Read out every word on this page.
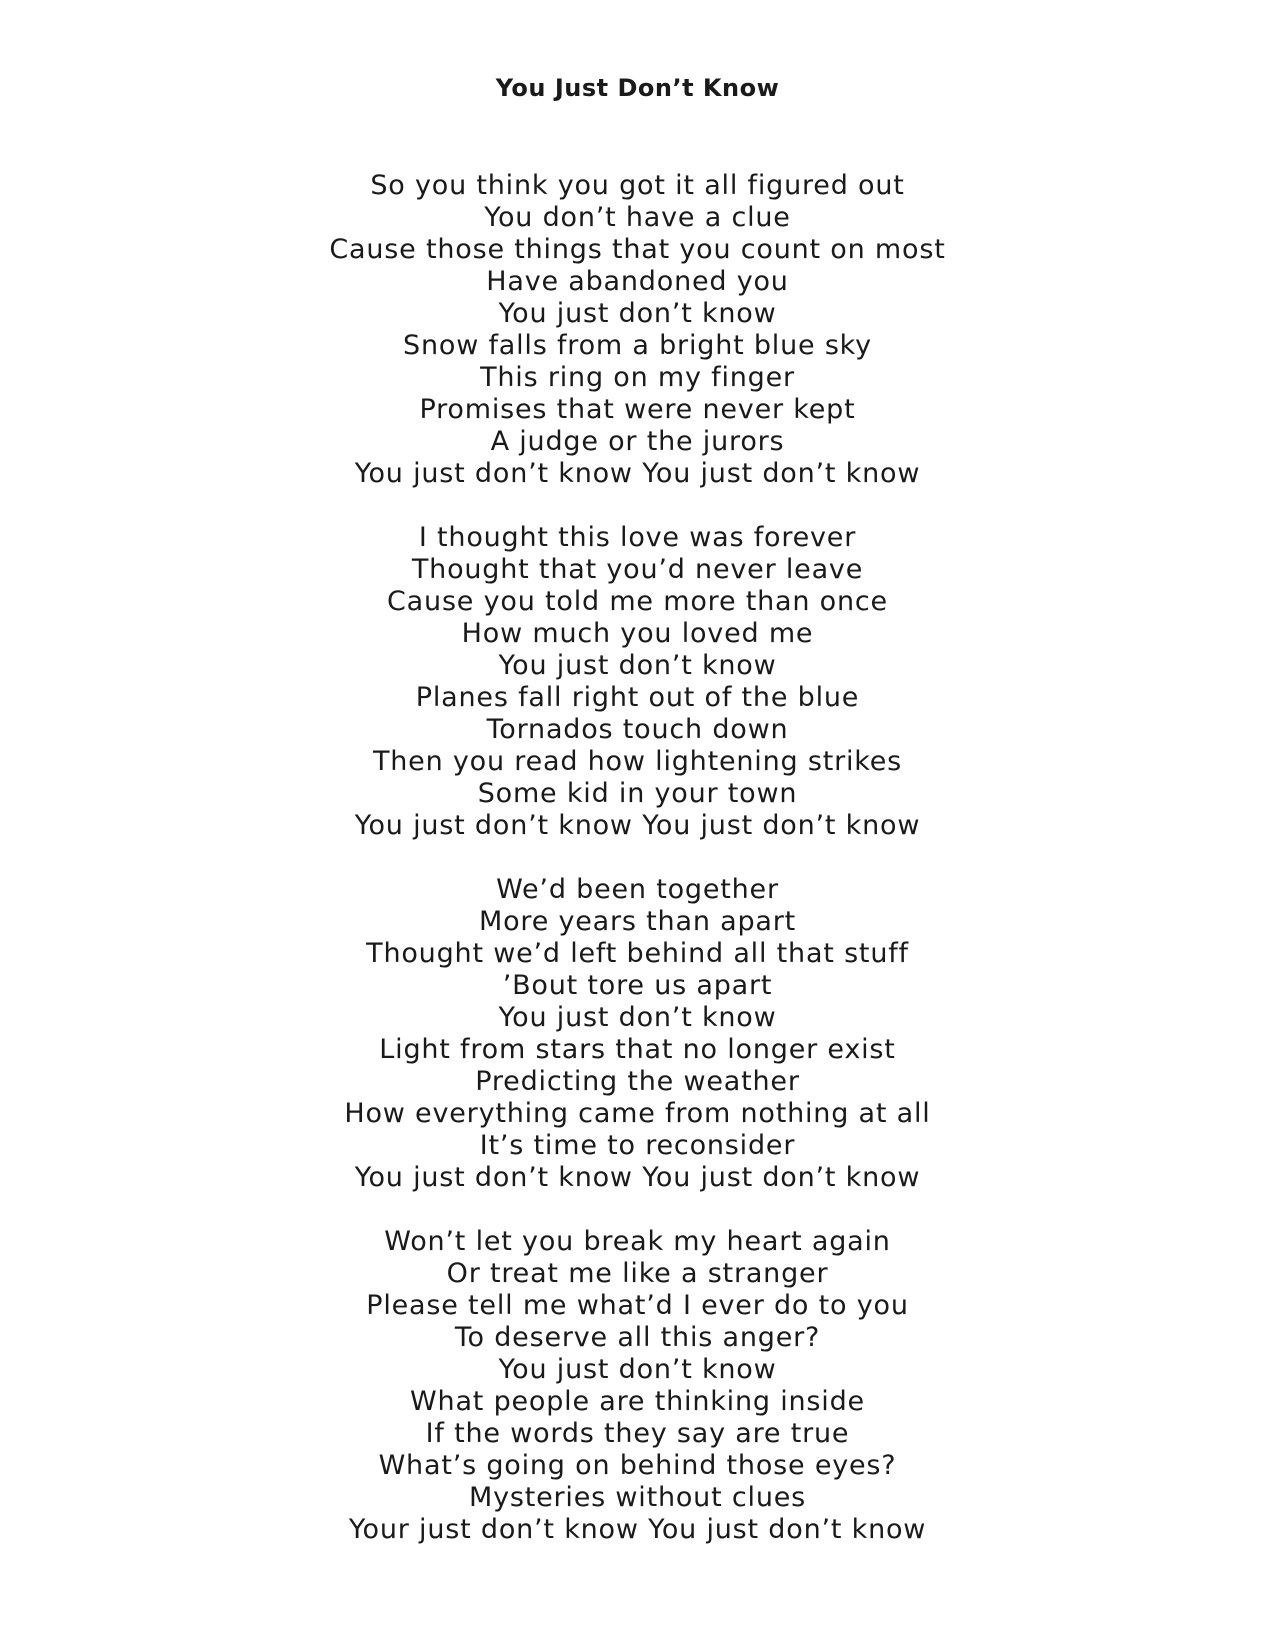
You Just Don’t Know
So you think you got it all figured out
You don’t have a clue
Cause those things that you count on most
Have abandoned you
You just don’t know
Snow falls from a bright blue sky
This ring on my finger
Promises that were never kept
A judge or the jurors
You just don’t know You just don’t know
I thought this love was forever
Thought that you’d never leave
Cause you told me more than once
How much you loved me
You just don’t know
Planes fall right out of the blue
Tornados touch down
Then you read how lightening strikes
Some kid in your town
You just don’t know You just don’t know
We’d been together
More years than apart
Thought we’d left behind all that stuff
’Bout tore us apart
You just don’t know
Light from stars that no longer exist
Predicting the weather
How everything came from nothing at all
It’s time to reconsider
You just don’t know You just don’t know
Won’t let you break my heart again
Or treat me like a stranger
Please tell me what’d I ever do to you
To deserve all this anger?
You just don’t know
What people are thinking inside
If the words they say are true
What’s going on behind those eyes?
Mysteries without clues
Your just don’t know You just don’t know
